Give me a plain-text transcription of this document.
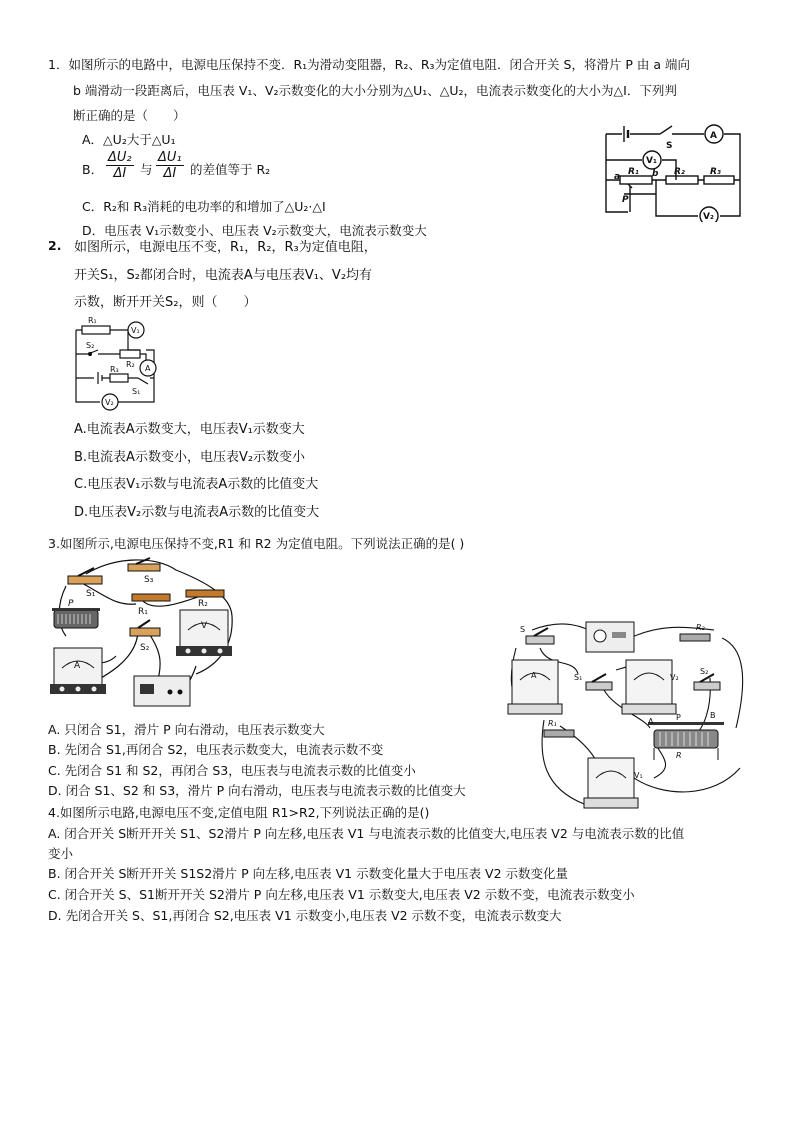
1．如图所示的电路中，电源电压保持不变．R₁为滑动变阻器，R₂、R₃为定值电阻．闭合开关 S，将滑片 P 由 a 端向
b 端滑动一段距离后，电压表 V₁、V₂示数变化的大小分别为△U₁、△U₂，电流表示数变化的大小为△I．下列判
断正确的是（　　）
A．△U₂大于△U₁
B． $\frac{\text{ΔU₂}}{\Delta I}$ 与 $\frac{\text{ΔU₁}}{\Delta I}$ 的差值等于 R₂
C．R₂和 R₃消耗的电功率的和增加了△U₂·△I
D．电压表 V₁示数变小、电压表 V₂示数变大，电流表示数变大
S
A
V₁
V₂
a	b
P
R₁	R₂	R₃
2. 如图所示，电源电压不变，R₁，R₂，R₃为定值电阻，
开关S₁，S₂都闭合时，电流表A与电压表V₁、V₂均有
示数，断开开关S₂，则（　　）
R₁
V₁
S₂
R₂ A
R₃
S₁
V₂
A.电流表A示数变大，电压表V₁示数变大
B.电流表A示数变小，电压表V₂示数变小
C.电压表V₁示数与电流表A示数的比值变大
D.电压表V₂示数与电流表A示数的比值变大
3.如图所示,电源电压保持不变,R1 和 R2 为定值电阻。下列说法正确的是( )
S₁
S₃
R₁
R₂
S₂
P
A
V
A. 只闭合 S1，滑片 P 向右滑动，电压表示数变大
B. 先闭合 S1,再闭合 S2，电压表示数变大，电流表示数不变
C. 先闭合 S1 和 S2，再闭合 S3，电压表与电流表示数的比值变小
D. 闭合 S1、S2 和 S3，滑片 P 向右滑动，电压表与电流表示数的比值变大
S	R₂
A	S₁	V₂
S₂
R₁	A	P	B
R
V₁
4.如图所示电路,电源电压不变,定值电阻 R1>R2,下列说法正确的是()
A. 闭合开关 S断开开关 S1、S2滑片 P 向左移,电压表 V1 与电流表示数的比值变大,电压表 V2 与电流表示数的比值
变小
B. 闭合开关 S断开开关 S1S2滑片 P 向左移,电压表 V1 示数变化量大于电压表 V2 示数变化量
C. 闭合开关 S、S1断开开关 S2滑片 P 向左移,电压表 V1 示数变大,电压表 V2 示数不变，电流表示数变小
D. 先闭合开关 S、S1,再闭合 S2,电压表 V1 示数变小,电压表 V2 示数不变，电流表示数变大
